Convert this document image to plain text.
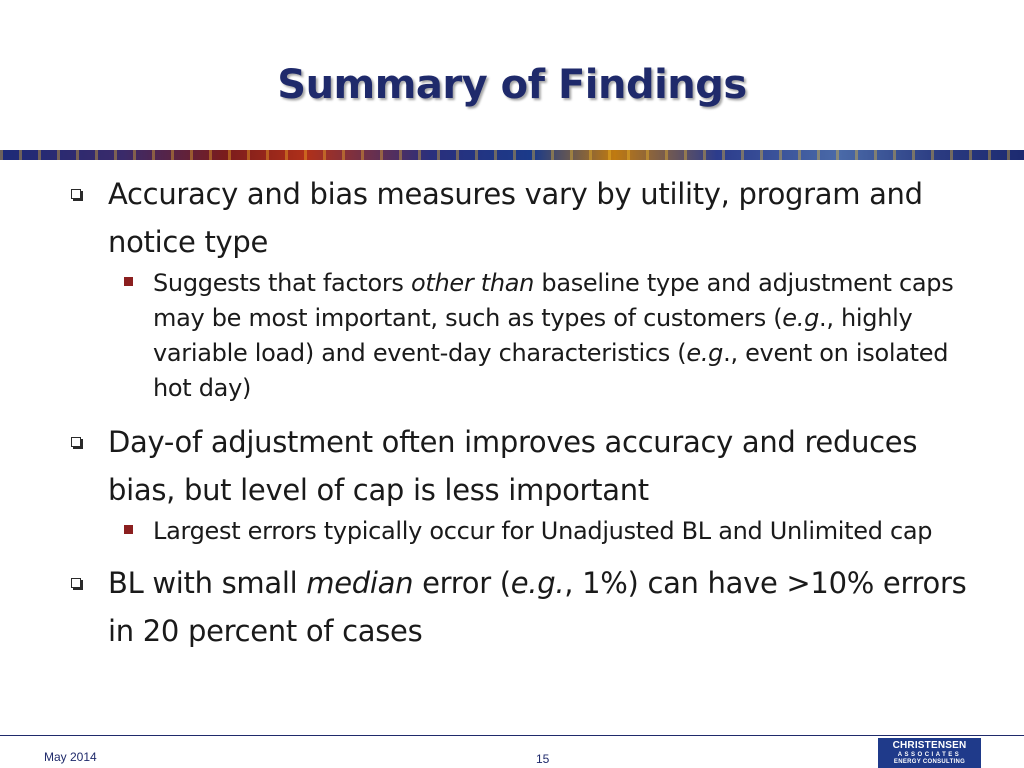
Summary of Findings
Accuracy and bias measures vary by utility, program and notice type
Suggests that factors other than baseline type and adjustment caps may be most important, such as types of customers (e.g., highly variable load) and event-day characteristics (e.g., event on isolated hot day)
Day-of adjustment often improves accuracy and reduces bias, but level of cap is less important
Largest errors typically occur for Unadjusted BL and Unlimited cap
BL with small median error (e.g., 1%) can have >10% errors in 20 percent of cases
May 2014	15
CHRISTENSEN
ASSOCIATES
ENERGY CONSULTING
